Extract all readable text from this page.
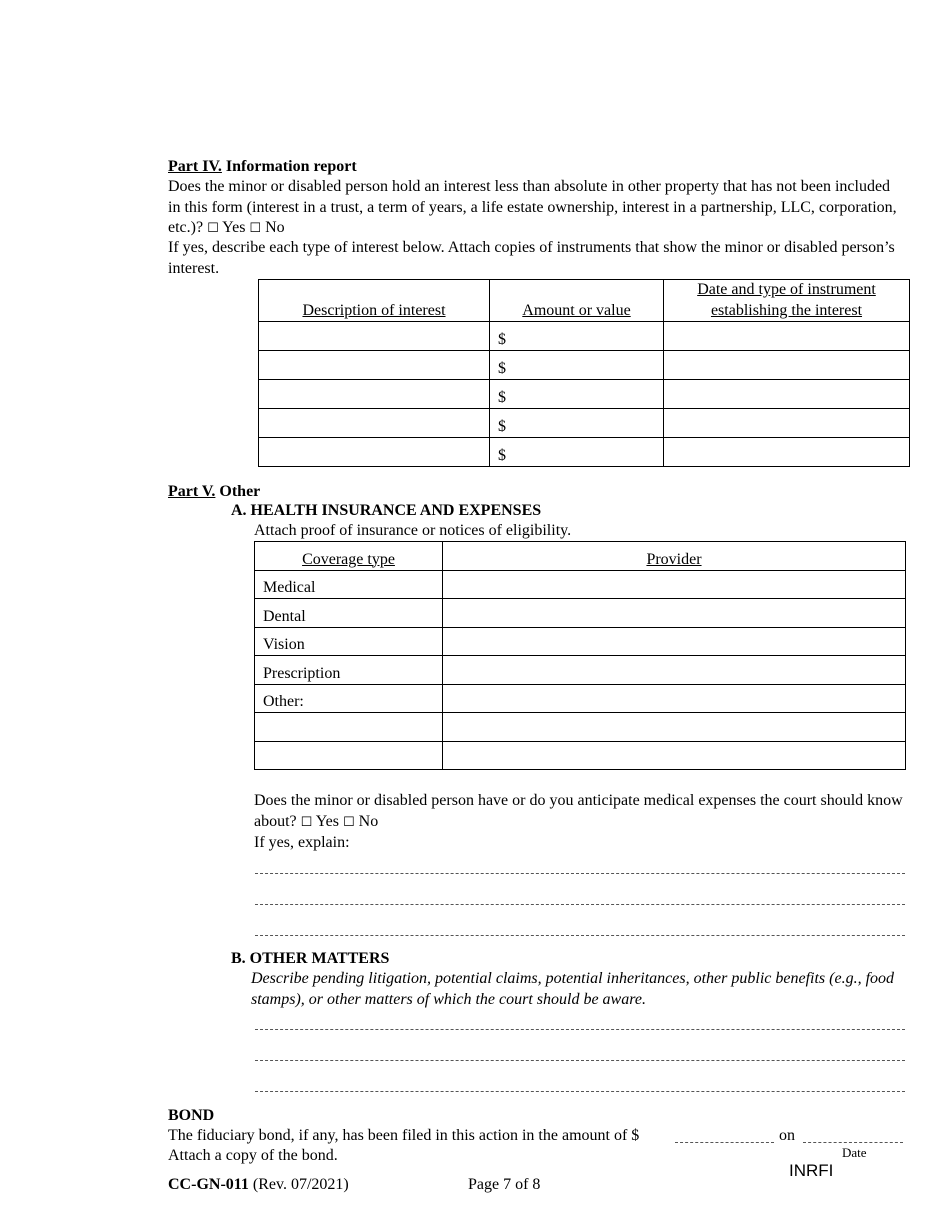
Part IV. Information report
Does the minor or disabled person hold an interest less than absolute in other property that has not been included in this form (interest in a trust, a term of years, a life estate ownership, interest in a partnership, LLC, corporation, etc.)? ☐ Yes ☐ No
If yes, describe each type of interest below. Attach copies of instruments that show the minor or disabled person’s interest.
Description of interest	Amount or value	Date and type of instrument establishing the interest
	$	
	$	
	$	
	$	
	$	
Part V. Other
A. HEALTH INSURANCE AND EXPENSES
Attach proof of insurance or notices of eligibility.
Coverage type	Provider
Medical	
Dental	
Vision	
Prescription	
Other:	

Does the minor or disabled person have or do you anticipate medical expenses the court should know about? ☐ Yes ☐ No
If yes, explain:
B. OTHER MATTERS
Describe pending litigation, potential claims, potential inheritances, other public benefits (e.g., food stamps), or other matters of which the court should be aware.
BOND
The fiduciary bond, if any, has been filed in this action in the amount of $	on
Attach a copy of the bond.	Date
CC-GN-011 (Rev. 07/2021)	Page 7 of 8
INRFI
